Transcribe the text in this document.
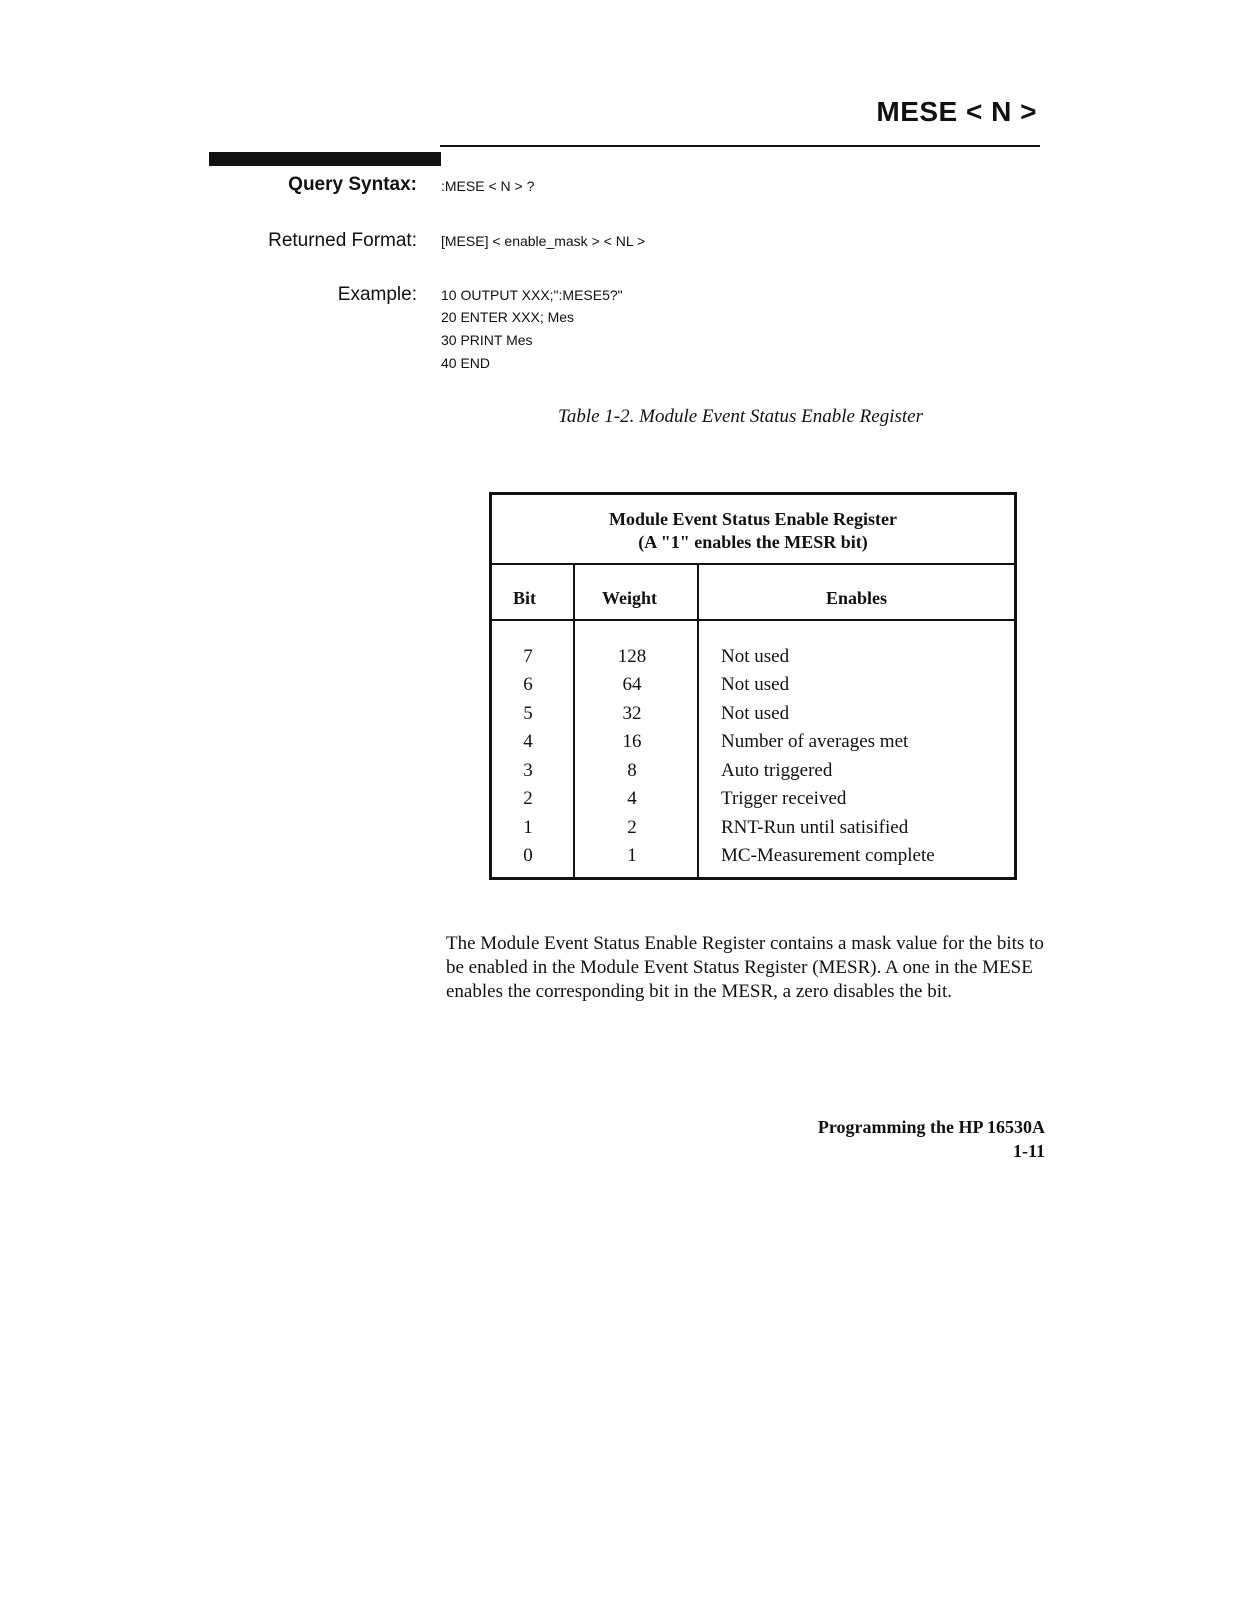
MESE < N >
Query Syntax: :MESE < N > ?
Returned Format: [MESE] < enable_mask > < NL >
Example: 10 OUTPUT XXX;":MESE5?"
20 ENTER XXX; Mes
30 PRINT Mes
40 END
Table 1-2. Module Event Status Enable Register
Module Event Status Enable Register
(A "1" enables the MESR bit)
Bit	Weight	Enables
7	128	Not used
6	64	Not used
5	32	Not used
4	16	Number of averages met
3	8	Auto triggered
2	4	Trigger received
1	2	RNT-Run until satisified
0	1	MC-Measurement complete

The Module Event Status Enable Register contains a mask value for the bits to be enabled in the Module Event Status Register (MESR). A one in the MESE enables the corresponding bit in the MESR, a zero disables the bit.

Programming the HP 16530A
1-11
